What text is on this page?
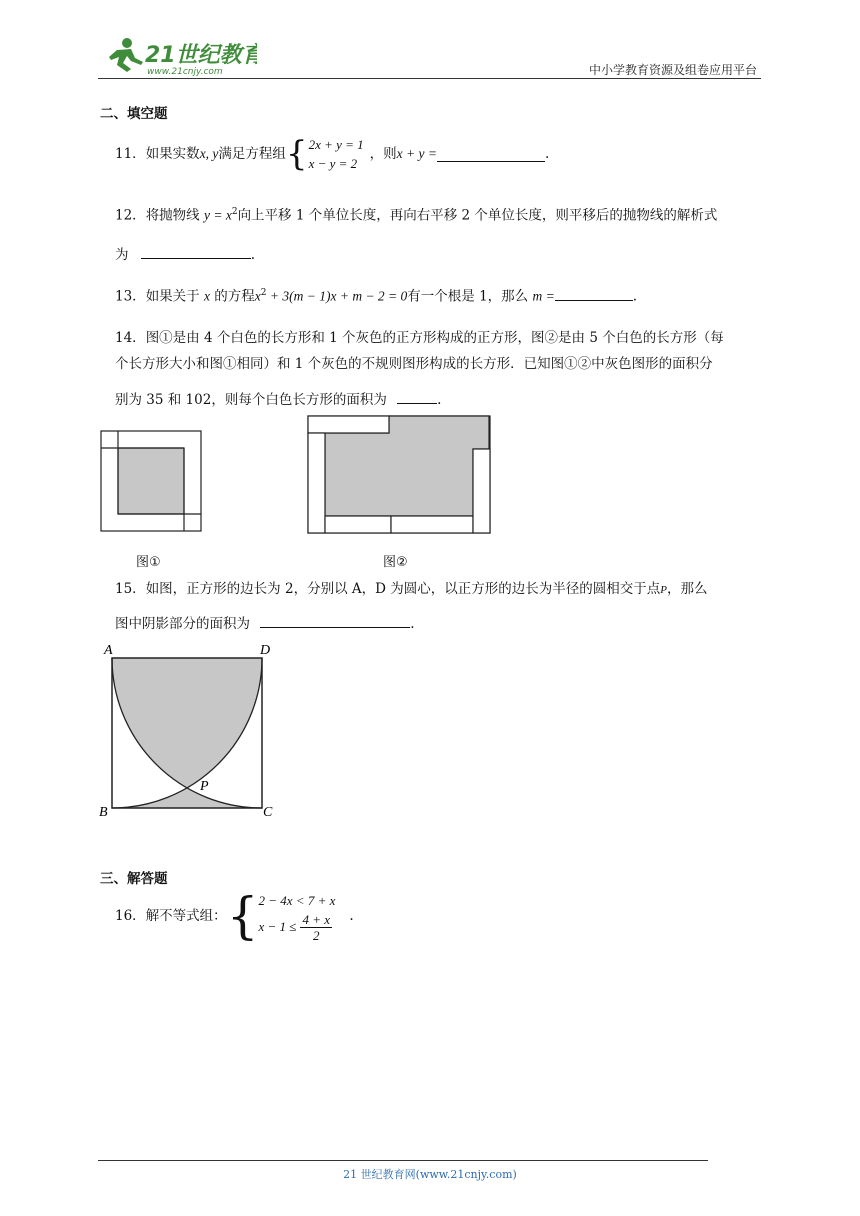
21世纪教育
www.21cnjy.com	中小学教育资源及组卷应用平台
二、填空题
11． 如果实数 x, y 满足方程组 { 2x + y = 1
x − y = 2
，则 x + y =	.
12．将抛物线 $y = x^2$向上平移 1 个单位长度，再向右平移 2 个单位长度，则平移后的抛物线的解析式
为	.
13．如果关于 x 的方程$x^2 + 3(m - 1)x + m - 2 = 0$有一个根是 1，那么 m =	.
14．图①是由 4 个白色的长方形和 1 个灰色的正方形构成的正方形，图②是由 5 个白色的长方形（每
个长方形大小和图①相同）和 1 个灰色的不规则图形构成的长方形．已知图①②中灰色图形的面积分
别为 35 和 102，则每个白色长方形的面积为	.
图①	图②
15．如图，正方形的边长为 2，分别以 A，D 为圆心，以正方形的边长为半径的圆相交于点P，那么
图中阴影部分的面积为	.
A	D
B	C
P
三、解答题
16． 解不等式组： { 2 − 4x < 7 + x
$x - 1 \le \frac{4 + x}{2}$ .
21 世纪教育网(www.21cnjy.com)
